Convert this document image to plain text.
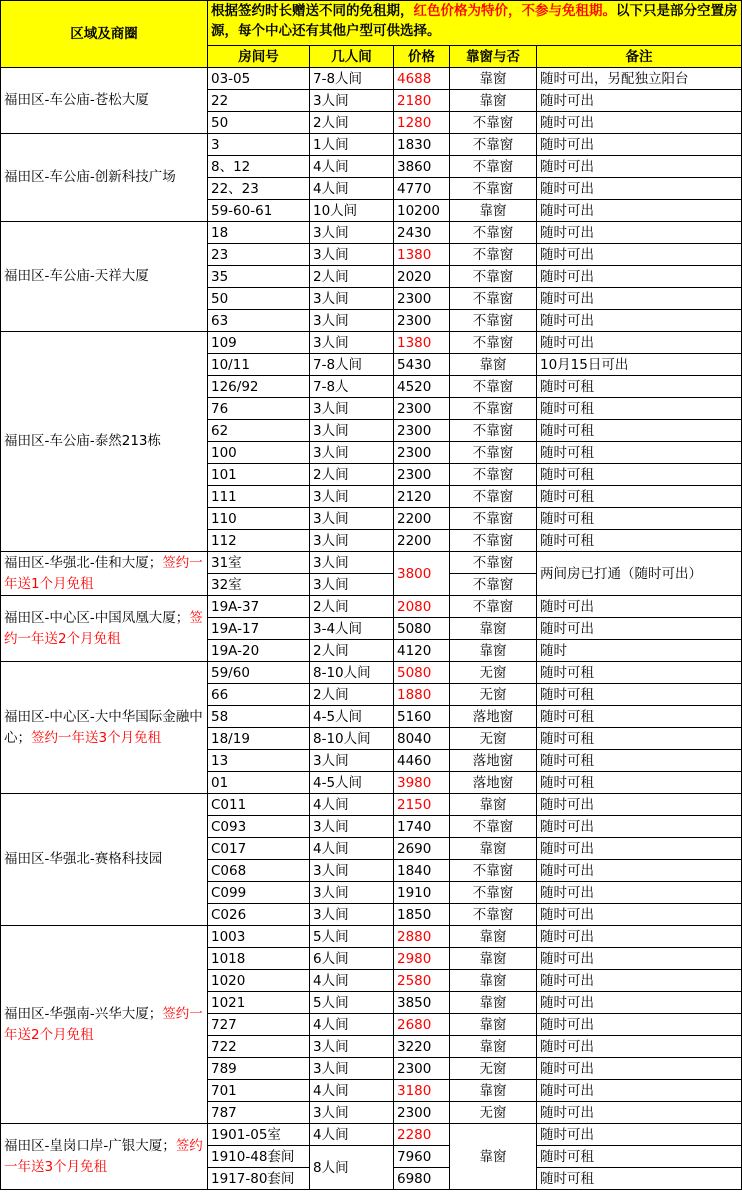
区域及商圈	根据签约时长赠送不同的免租期，红色价格为特价，不参与免租期。以下只是部分空置房源，每个中心还有其他户型可供选择。				
	房间号	几人间	价格	靠窗与否	备注
福田区-车公庙-苍松大厦	03-05	7-8人间	4688	靠窗	随时可出，另配独立阳台
	22	3人间	2180	靠窗	随时可出
	50	2人间	1280	不靠窗	随时可出
福田区-车公庙-创新科技广场	3	1人间	1830	不靠窗	随时可出
	8、12	4人间	3860	不靠窗	随时可出
	22、23	4人间	4770	不靠窗	随时可出
	59-60-61	10人间	10200	靠窗	随时可出
福田区-车公庙-天祥大厦	18	3人间	2430	不靠窗	随时可出
	23	3人间	1380	不靠窗	随时可出
	35	2人间	2020	不靠窗	随时可出
	50	3人间	2300	不靠窗	随时可出
	63	3人间	2300	不靠窗	随时可出
福田区-车公庙-泰然213栋	109	3人间	1380	不靠窗	随时可出
	10/11	7-8人间	5430	靠窗	10月15日可出
	126/92	7-8人	4520	不靠窗	随时可租
	76	3人间	2300	不靠窗	随时可租
	62	3人间	2300	不靠窗	随时可租
	100	3人间	2300	不靠窗	随时可租
	101	2人间	2300	不靠窗	随时可租
	111	3人间	2120	不靠窗	随时可租
	110	3人间	2200	不靠窗	随时可租
	112	3人间	2200	不靠窗	随时可租
福田区-华强北-佳和大厦；签约一年送1个月免租	31室	3人间	3800	不靠窗	两间房已打通（随时可出）
	32室	3人间		不靠窗	
福田区-中心区-中国凤凰大厦；签约一年送2个月免租	19A-37	2人间	2080	不靠窗	随时可出
	19A-17	3-4人间	5080	靠窗	随时可出
	19A-20	2人间	4120	靠窗	随时
福田区-中心区-大中华国际金融中心；签约一年送3个月免租	59/60	8-10人间	5080	无窗	随时可租
	66	2人间	1880	无窗	随时可租
	58	4-5人间	5160	落地窗	随时可租
	18/19	8-10人间	8040	无窗	随时可租
	13	3人间	4460	落地窗	随时可租
	01	4-5人间	3980	落地窗	随时可租
福田区-华强北-赛格科技园	C011	4人间	2150	靠窗	随时可出
	C093	3人间	1740	不靠窗	随时可出
	C017	4人间	2690	靠窗	随时可出
	C068	3人间	1840	不靠窗	随时可出
	C099	3人间	1910	不靠窗	随时可出
	C026	3人间	1850	不靠窗	随时可出
福田区-华强南-兴华大厦；签约一年送2个月免租	1003	5人间	2880	靠窗	随时可出
	1018	6人间	2980	靠窗	随时可出
	1020	4人间	2580	靠窗	随时可出
	1021	5人间	3850	靠窗	随时可出
	727	4人间	2680	靠窗	随时可出
	722	3人间	3220	靠窗	随时可出
	789	3人间	2300	无窗	随时可出
	701	4人间	3180	靠窗	随时可出
	787	3人间	2300	无窗	随时可出
福田区-皇岗口岸-广银大厦；签约一年送3个月免租	1901-05室	4人间	2280	靠窗	随时可出
	1910-48套间	8人间	7960		随时可租
	1917-80套间		6980		随时可租
